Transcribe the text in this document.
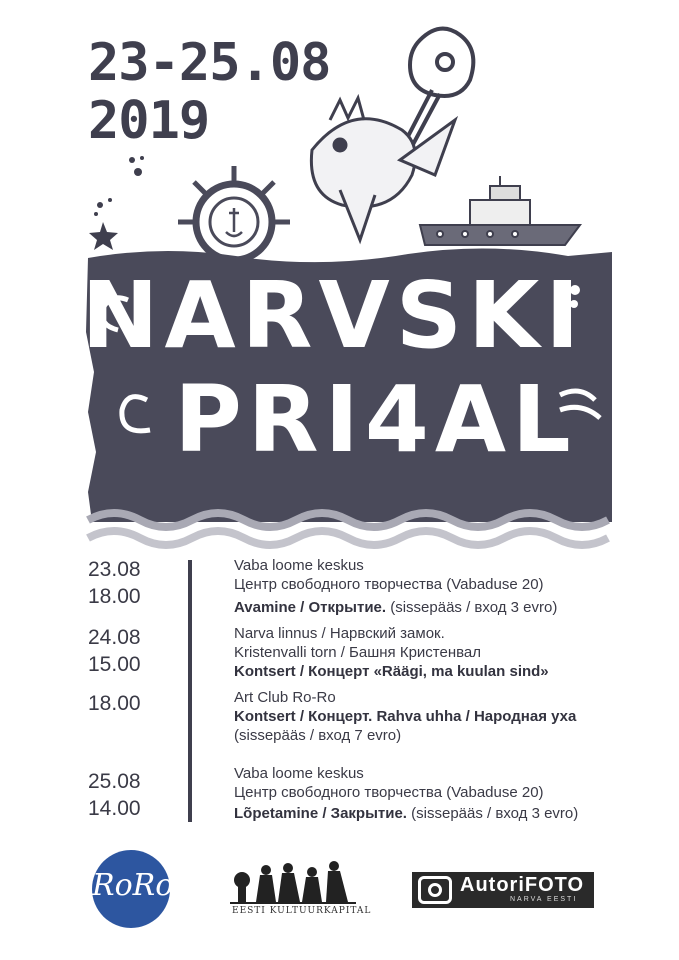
23-25.08
2019
NARVSKI
PRI4AL
23.08
18.00
Vaba loome keskus
Центр свободного творчества (Vabaduse 20)
Avamine / Открытие. (sissepääs / вход 3 evro)
24.08
15.00
Narva linnus / Нарвский замок.
Kristenvalli torn / Башня Кристенвал
Kontsert / Концерт «Räägi, ma kuulan sind»
18.00	Art Club Ro-Ro
Kontsert / Концерт. Rahva uhha / Народная уха
(sissepääs / вход 7 evro)
25.08
14.00
Vaba loome keskus
Центр свободного творчества (Vabaduse 20)
Lõpetamine / Закрытие. (sissepääs / вход 3 evro)
RoRo
EESTI KULTUURKAPITAL
AutoriFOTO
NARVA EESTI
